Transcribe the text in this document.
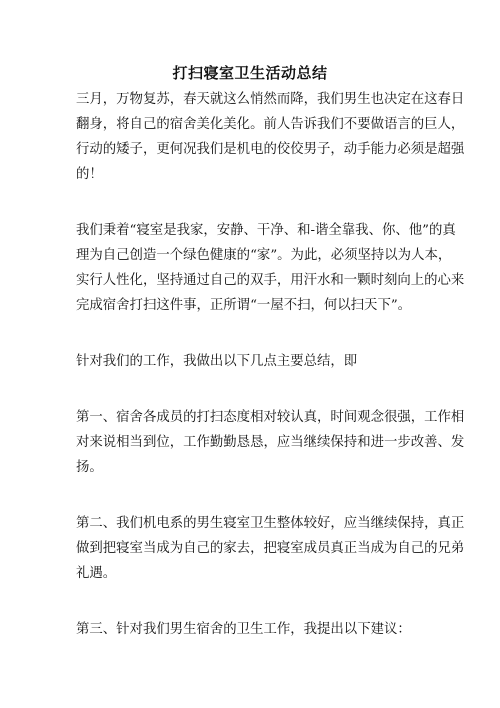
打扫寝室卫生活动总结
三月，万物复苏，春天就这么悄然而降，我们男生也决定在这春日
翻身，将自己的宿舍美化美化。前人告诉我们不要做语言的巨人，
行动的矮子，更何况我们是机电的佼佼男子，动手能力必须是超强
的！
我们秉着“寝室是我家，安静、干净、和-谐全靠我、你、他”的真
理为自己创造一个绿色健康的“家”。为此，必须坚持以为人本，
实行人性化，坚持通过自己的双手，用汗水和一颗时刻向上的心来
完成宿舍打扫这件事，正所谓“一屋不扫，何以扫天下”。
针对我们的工作，我做出以下几点主要总结，即
第一、宿舍各成员的打扫态度相对较认真，时间观念很强，工作相
对来说相当到位，工作勤勤恳恳，应当继续保持和进一步改善、发
扬。
第二、我们机电系的男生寝室卫生整体较好，应当继续保持，真正
做到把寝室当成为自己的家去，把寝室成员真正当成为自己的兄弟
礼遇。
第三、针对我们男生宿舍的卫生工作，我提出以下建议：
